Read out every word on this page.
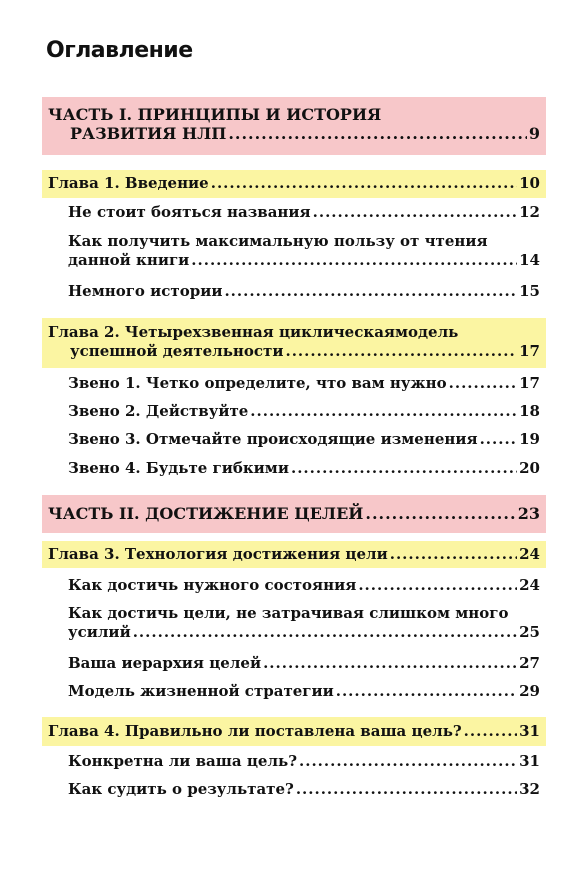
Оглавление
ЧАСТЬ I. ПРИНЦИПЫ И ИСТОРИЯ
РАЗВИТИЯ НЛП .....	9
Глава 1. Введение .....	10
Не стоит бояться названия .....	12
Как получить максимальную пользу от чтения
данной книги .....	14
Немного истории .....	15
Глава 2. Четырехзвенная циклическаямодель
успешной деятельности .....	17
Звено 1. Четко определите, что вам нужно .....	17
Звено 2. Действуйте .....	18
Звено 3. Отмечайте происходящие изменения .....	19
Звено 4. Будьте гибкими .....	20
ЧАСТЬ II. ДОСТИЖЕНИЕ ЦЕЛЕЙ .....	23
Глава 3. Технология достижения цели .....	24
Как достичь нужного состояния .....	24
Как достичь цели, не затрачивая слишком много
усилий .....	25
Ваша иерархия целей .....	27
Модель жизненной стратегии .....	29
Глава 4. Правильно ли поставлена ваша цель? .....	31
Конкретна ли ваша цель? .....	31
Как судить о результате? .....	32
